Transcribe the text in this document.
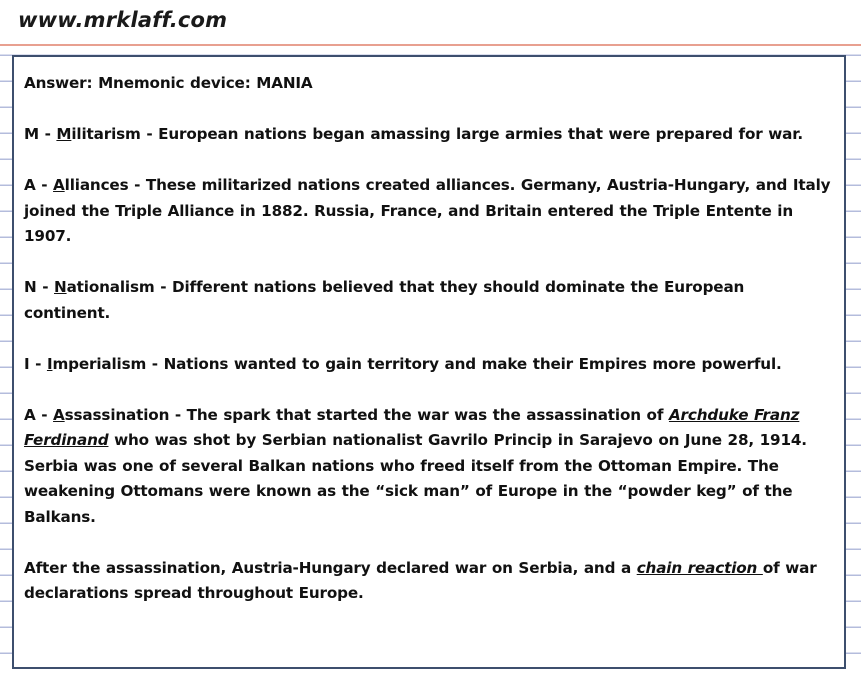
www.mrklaff.com

Answer: Mnemonic device: MANIA

M - Militarism - European nations began amassing large armies that were prepared for war.

A - Alliances - These militarized nations created alliances. Germany, Austria-Hungary, and Italy joined the Triple Alliance in 1882. Russia, France, and Britain entered the Triple Entente in 1907.

N - Nationalism - Different nations believed that they should dominate the European continent.

I - Imperialism - Nations wanted to gain territory and make their Empires more powerful.

A - Assassination - The spark that started the war was the assassination of Archduke Franz Ferdinand who was shot by Serbian nationalist Gavrilo Princip in Sarajevo on June 28, 1914. Serbia was one of several Balkan nations who freed itself from the Ottoman Empire. The weakening Ottomans were known as the “sick man” of Europe in the “powder keg” of the Balkans.

After the assassination, Austria-Hungary declared war on Serbia, and a chain reaction of war declarations spread throughout Europe.
